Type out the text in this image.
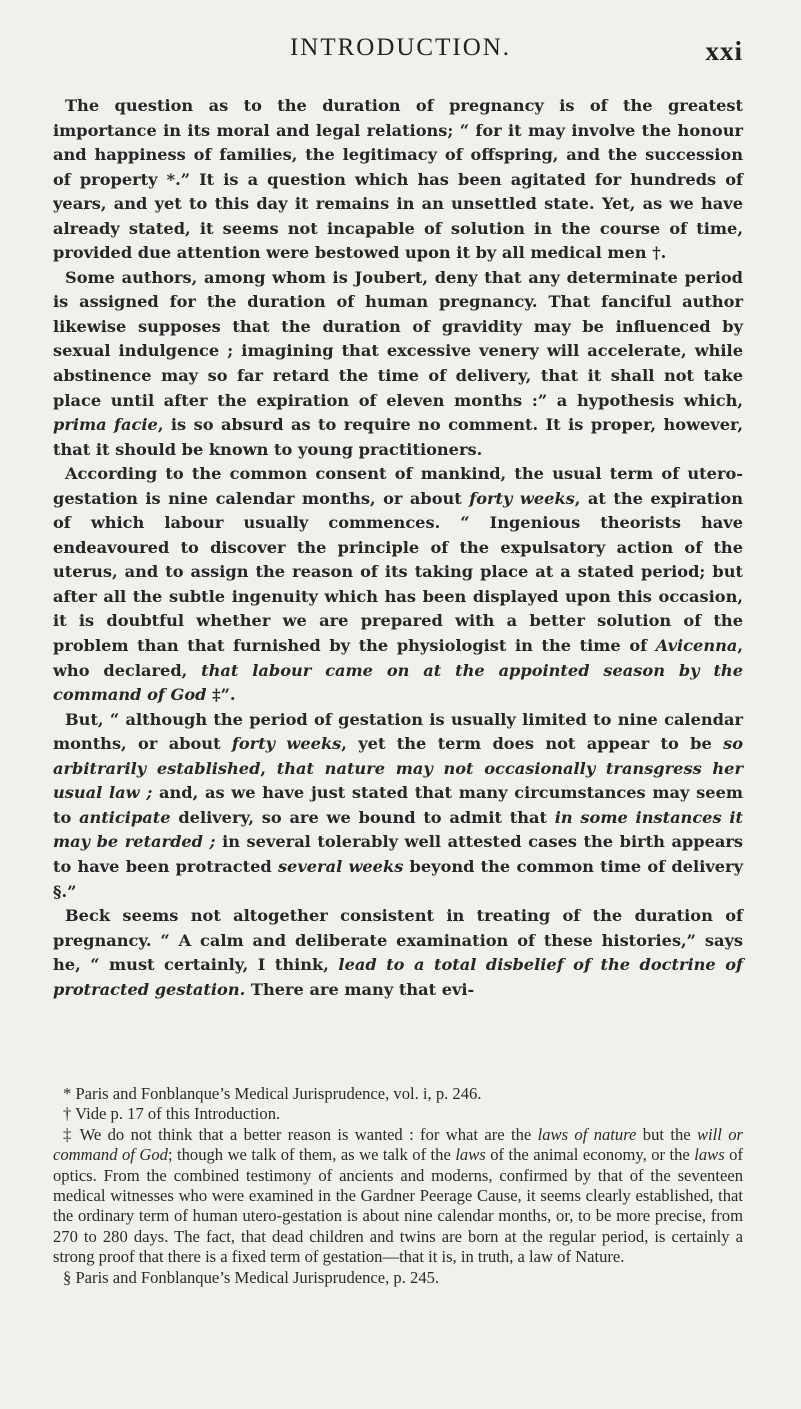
INTRODUCTION.	xxi

The question as to the duration of pregnancy is of the greatest importance in its moral and legal relations; “ for it may involve the honour and happiness of families, the legitimacy of offspring, and the succession of property *.” It is a question which has been agitated for hundreds of years, and yet to this day it remains in an unsettled state. Yet, as we have already stated, it seems not incapable of solution in the course of time, provided due attention were bestowed upon it by all medical men †.

Some authors, among whom is Joubert, deny that any determinate period is assigned for the duration of human pregnancy. That fanciful author likewise supposes that the duration of gravidity may be influenced by sexual indulgence ; imagining that excessive venery will accelerate, while abstinence may so far retard the time of delivery, that it shall not take place until after the expiration of eleven months :” a hypothesis which, prima facie, is so absurd as to require no comment. It is proper, however, that it should be known to young practitioners.

According to the common consent of mankind, the usual term of utero-gestation is nine calendar months, or about forty weeks, at the expiration of which labour usually commences. “ Ingenious theorists have endeavoured to discover the principle of the expulsatory action of the uterus, and to assign the reason of its taking place at a stated period; but after all the subtle ingenuity which has been displayed upon this occasion, it is doubtful whether we are prepared with a better solution of the problem than that furnished by the physiologist in the time of Avicenna, who declared, that labour came on at the appointed season by the command of God ‡”.

But, “ although the period of gestation is usually limited to nine calendar months, or about forty weeks, yet the term does not appear to be so arbitrarily established, that nature may not occasionally transgress her usual law ; and, as we have just stated that many circumstances may seem to anticipate delivery, so are we bound to admit that in some instances it may be retarded ; in several tolerably well attested cases the birth appears to have been protracted several weeks beyond the common time of delivery §.”

Beck seems not altogether consistent in treating of the duration of pregnancy. “ A calm and deliberate examination of these histories,” says he, “ must certainly, I think, lead to a total disbelief of the doctrine of protracted gestation. There are many that evi-

* Paris and Fonblanque’s Medical Jurisprudence, vol. i, p. 246.

† Vide p. 17 of this Introduction.

‡ We do not think that a better reason is wanted : for what are the laws of nature but the will or command of God; though we talk of them, as we talk of the laws of the animal economy, or the laws of optics. From the combined testimony of ancients and moderns, confirmed by that of the seventeen medical witnesses who were examined in the Gardner Peerage Cause, it seems clearly established, that the ordinary term of human utero-gestation is about nine calendar months, or, to be more precise, from 270 to 280 days. The fact, that dead children and twins are born at the regular period, is certainly a strong proof that there is a fixed term of gestation—that it is, in truth, a law of Nature.

§ Paris and Fonblanque’s Medical Jurisprudence, p. 245.
